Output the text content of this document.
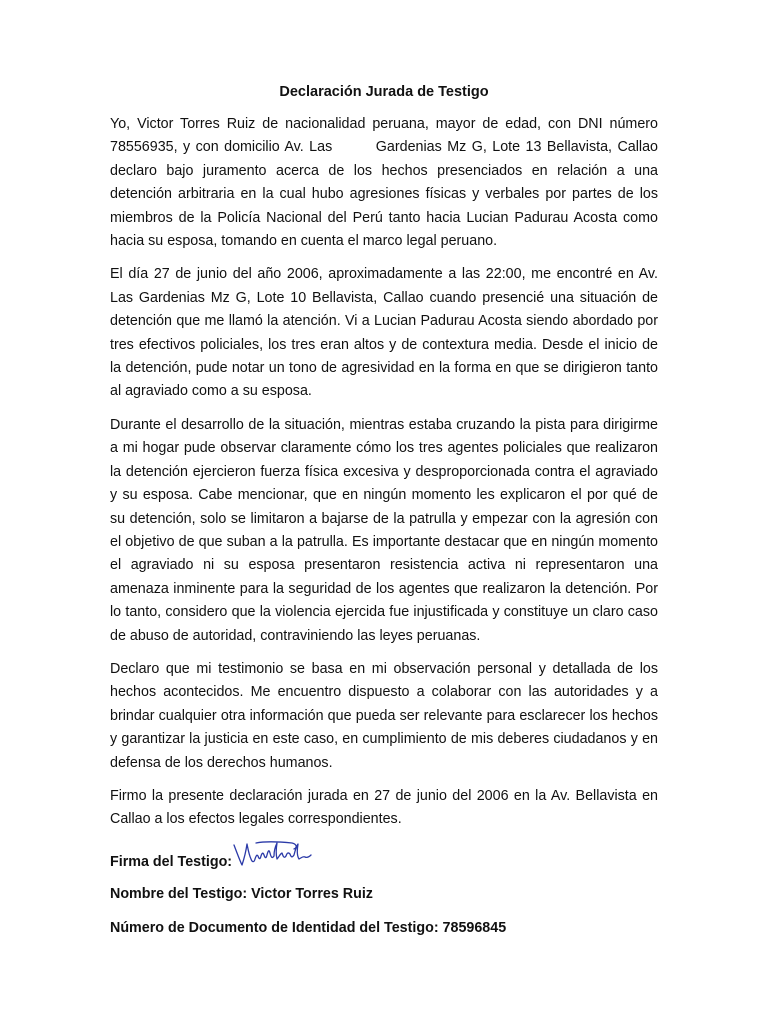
Declaración Jurada de Testigo

Yo, Victor Torres Ruiz de nacionalidad peruana, mayor de edad, con DNI número 78556935, y con domicilio Av. Las        Gardenias Mz G, Lote 13 Bellavista, Callao declaro bajo juramento acerca de los hechos presenciados en relación a una detención arbitraria en la cual hubo agresiones físicas y verbales por partes de los miembros de la Policía Nacional del Perú tanto hacia Lucian Padurau Acosta como hacia su esposa, tomando en cuenta el marco legal peruano.

El día 27 de junio del año 2006, aproximadamente a las 22:00, me encontré en Av. Las Gardenias Mz G, Lote 10 Bellavista, Callao cuando presencié una situación de detención que me llamó la atención. Vi a Lucian Padurau Acosta siendo abordado por tres efectivos policiales, los tres eran altos y de contextura media. Desde el inicio de la detención, pude notar un tono de agresividad en la forma en que se dirigieron tanto al agraviado como a su esposa.

Durante el desarrollo de la situación, mientras estaba cruzando la pista para dirigirme a mi hogar pude observar claramente cómo los tres agentes policiales que realizaron la detención ejercieron fuerza física excesiva y desproporcionada contra el agraviado y su esposa. Cabe mencionar, que en ningún momento les explicaron el por qué de su detención, solo se limitaron a bajarse de la patrulla y empezar con la agresión con el objetivo de que suban a la patrulla. Es importante destacar que en ningún momento el agraviado ni su esposa presentaron resistencia activa ni representaron una amenaza inminente para la seguridad de los agentes que realizaron la detención. Por lo tanto, considero que la violencia ejercida fue injustificada y constituye un claro caso de abuso de autoridad, contraviniendo las leyes peruanas.

Declaro que mi testimonio se basa en mi observación personal y detallada de los hechos acontecidos. Me encuentro dispuesto a colaborar con las autoridades y a brindar cualquier otra información que pueda ser relevante para esclarecer los hechos y garantizar la justicia en este caso, en cumplimiento de mis deberes ciudadanos y en defensa de los derechos humanos.

Firmo la presente declaración jurada en 27 de junio del 2006 en la Av. Bellavista en Callao a los efectos legales correspondientes.

Firma del Testigo:

Nombre del Testigo: Victor Torres Ruiz

Número de Documento de Identidad del Testigo: 78596845
